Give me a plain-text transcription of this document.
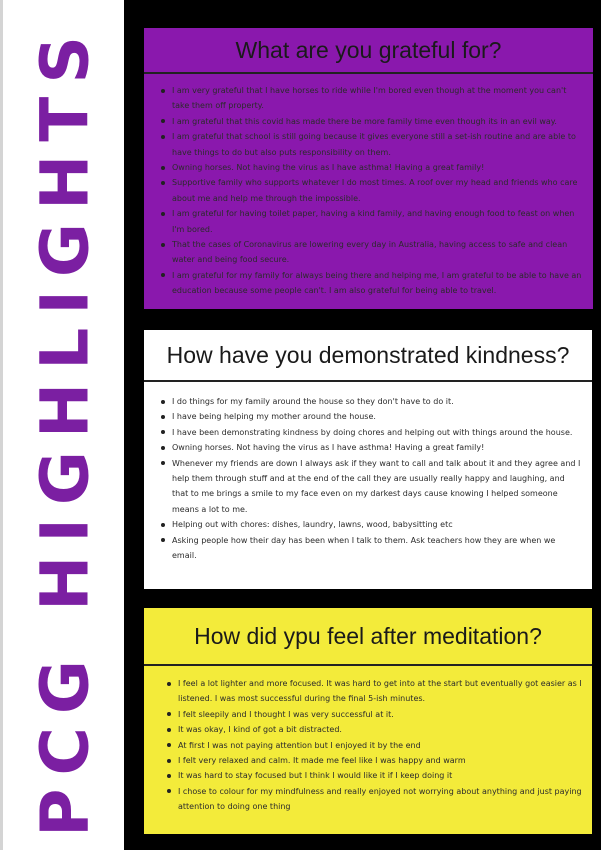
PCG HIGHLIGHTS	What are you grateful for?
I am very grateful that I have horses to ride while I'm bored even though at the moment you can't take them off property.
I am grateful that this covid has made there be more family time even though its in an evil way.
I am grateful that school is still going because it gives everyone still a set-ish routine and are able to have things to do but also puts responsibility on them.
Owning horses. Not having the virus as I have asthma! Having a great family!
Supportive family who supports whatever I do most times. A roof over my head and friends who care about me and help me through the impossible.
I am grateful for having toilet paper, having a kind family, and having enough food to feast on when I'm bored.
That the cases of Coronavirus are lowering every day in Australia, having access to safe and clean water and being food secure.
I am grateful for my family for always being there and helping me, I am grateful to be able to have an education because some people can't. I am also grateful for being able to travel.
How have you demonstrated kindness?
I do things for my family around the house so they don't have to do it.
I have being helping my mother around the house.
I have been demonstrating kindness by doing chores and helping out with things around the house.
Owning horses. Not having the virus as I have asthma! Having a great family!
Whenever my friends are down I always ask if they want to call and talk about it and they agree and I help them through stuff and at the end of the call they are usually really happy and laughing, and that to me brings a smile to my face even on my darkest days cause knowing I helped someone means a lot to me.
Helping out with chores: dishes, laundry, lawns, wood, babysitting etc
Asking people how their day has been when I talk to them. Ask teachers how they are when we email.
How did ypu feel after meditation?
I feel a lot lighter and more focused. It was hard to get into at the start but eventually got easier as I listened. I was most successful during the final 5-ish minutes.
I felt sleepily and I thought I was very successful at it.
It was okay, I kind of got a bit distracted.
At first I was not paying attention but I enjoyed it by the end
I felt very relaxed and calm. It made me feel like I was happy and warm
It was hard to stay focused but I think I would like it if I keep doing it
I chose to colour for my mindfulness and really enjoyed not worrying about anything and just paying attention to doing one thing
